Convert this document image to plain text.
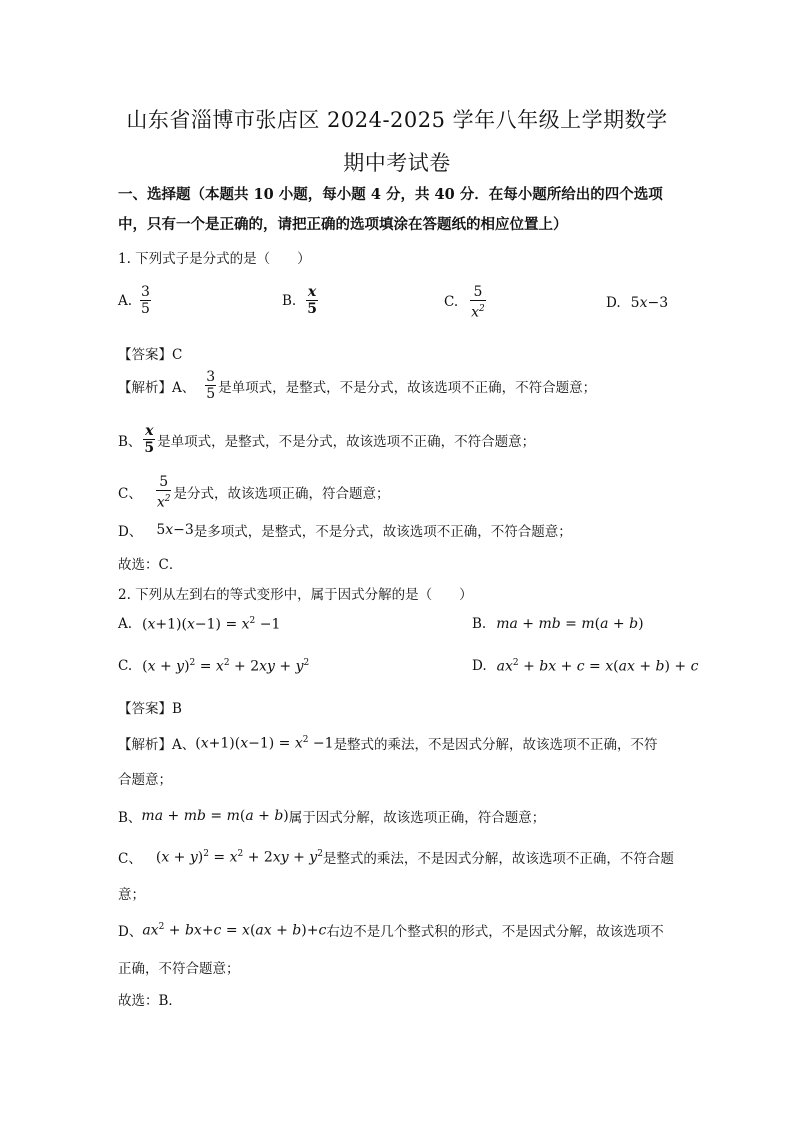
山东省淄博市张店区 2024-2025 学年八年级上学期数学
期中考试卷
一、选择题（本题共 10 小题，每小题 4 分，共 40 分．在每小题所给出的四个选项中，只有一个是正确的，请把正确的选项填涂在答题纸的相应位置上）
1. 下列式子是分式的是（　　）
A. $\frac{3}{5}$	B. $\frac{x}{5}$	C. $\frac{5}{x^2}$	D. 5x−3
【答案】C
【解析】A、 $\frac{3}{5}$ 是单项式，是整式，不是分式，故该选项不正确，不符合题意；
B、 $\frac{x}{5}$ 是单项式，是整式，不是分式，故该选项不正确，不符合题意；
C、 $\frac{5}{x^2}$ 是分式，故该选项正确，符合题意；
D、 5x−3 是多项式，是整式，不是分式，故该选项不正确，不符合题意；
故选：C．
2. 下列从左到右的等式变形中，属于因式分解的是（　　）
A. $(x+1)(x-1) = x^2 -1$	B. ma + mb = m(a + b)
C. $(x + y)^2 = x^2 + 2xy + y^2$	D. $ax^2$ + bx + c = x(ax + b) + c
【答案】B
【解析】A、 $(x+1)(x-1) = x^2 -1$ 是整式的乘法，不是因式分解，故该选项不正确，不符
合题意；
B、 ma + mb = m(a + b) 属于因式分解，故该选项正确，符合题意；
C、 $(x + y)^2 = x^2 + 2xy + y^2$ 是整式的乘法，不是因式分解，故该选项不正确，不符合题
意；
D、 $ax^2 + bx+c = x(ax + b)+c$ 右边不是几个整式积的形式，不是因式分解，故该选项不
正确，不符合题意；
故选：B．
